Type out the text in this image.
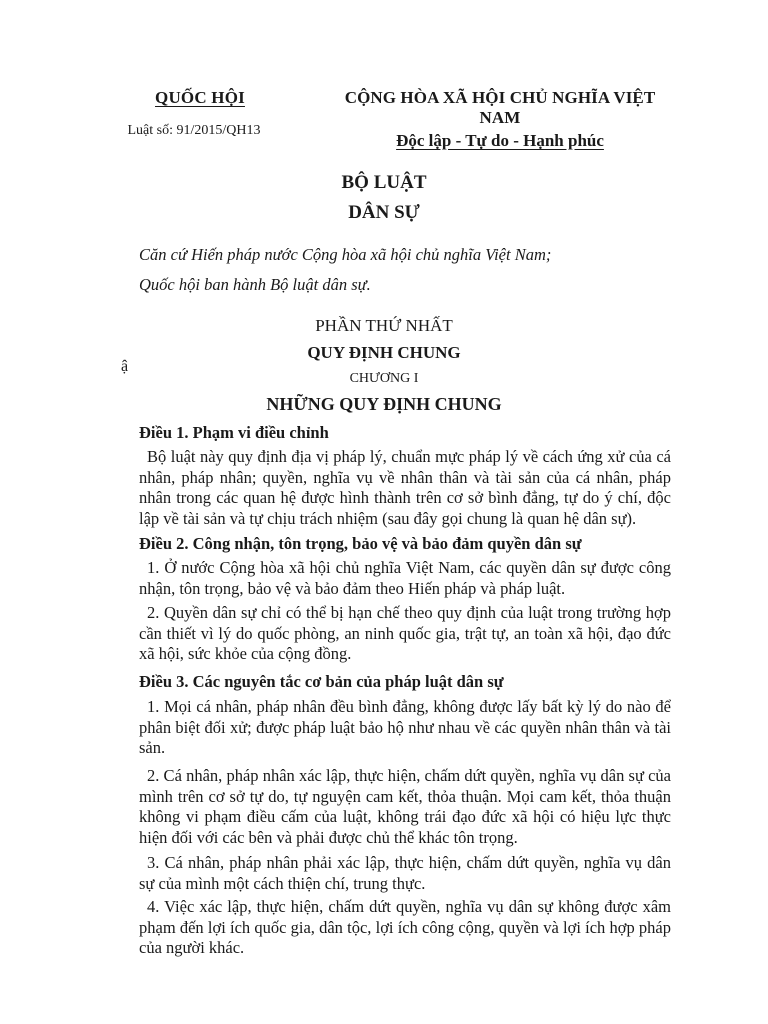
QUỐC HỘI
Luật số: 91/2015/QH13
CỘNG HÒA XÃ HỘI CHỦ NGHĨA VIỆT NAM
Độc lập - Tự do - Hạnh phúc
BỘ LUẬT
DÂN SỰ
Căn cứ Hiến pháp nước Cộng hòa xã hội chủ nghĩa Việt Nam;
Quốc hội ban hành Bộ luật dân sự.
PHẦN THỨ NHẤT
QUY ĐỊNH CHUNG
ậ
CHƯƠNG I
NHỮNG QUY ĐỊNH CHUNG
Điều 1. Phạm vi điều chỉnh
Bộ luật này quy định địa vị pháp lý, chuẩn mực pháp lý về cách ứng xử của cá nhân, pháp nhân; quyền, nghĩa vụ về nhân thân và tài sản của cá nhân, pháp nhân trong các quan hệ được hình thành trên cơ sở bình đẳng, tự do ý chí, độc lập về tài sản và tự chịu trách nhiệm (sau đây gọi chung là quan hệ dân sự).
Điều 2. Công nhận, tôn trọng, bảo vệ và bảo đảm quyền dân sự
1. Ở nước Cộng hòa xã hội chủ nghĩa Việt Nam, các quyền dân sự được công nhận, tôn trọng, bảo vệ và bảo đảm theo Hiến pháp và pháp luật.
2. Quyền dân sự chỉ có thể bị hạn chế theo quy định của luật trong trường hợp cần thiết vì lý do quốc phòng, an ninh quốc gia, trật tự, an toàn xã hội, đạo đức xã hội, sức khỏe của cộng đồng.
Điều 3. Các nguyên tắc cơ bản của pháp luật dân sự
1. Mọi cá nhân, pháp nhân đều bình đẳng, không được lấy bất kỳ lý do nào để phân biệt đối xử; được pháp luật bảo hộ như nhau về các quyền nhân thân và tài sản.
2. Cá nhân, pháp nhân xác lập, thực hiện, chấm dứt quyền, nghĩa vụ dân sự của mình trên cơ sở tự do, tự nguyện cam kết, thỏa thuận. Mọi cam kết, thỏa thuận không vi phạm điều cấm của luật, không trái đạo đức xã hội có hiệu lực thực hiện đối với các bên và phải được chủ thể khác tôn trọng.
3. Cá nhân, pháp nhân phải xác lập, thực hiện, chấm dứt quyền, nghĩa vụ dân sự của mình một cách thiện chí, trung thực.
4. Việc xác lập, thực hiện, chấm dứt quyền, nghĩa vụ dân sự không được xâm phạm đến lợi ích quốc gia, dân tộc, lợi ích công cộng, quyền và lợi ích hợp pháp của người khác.
